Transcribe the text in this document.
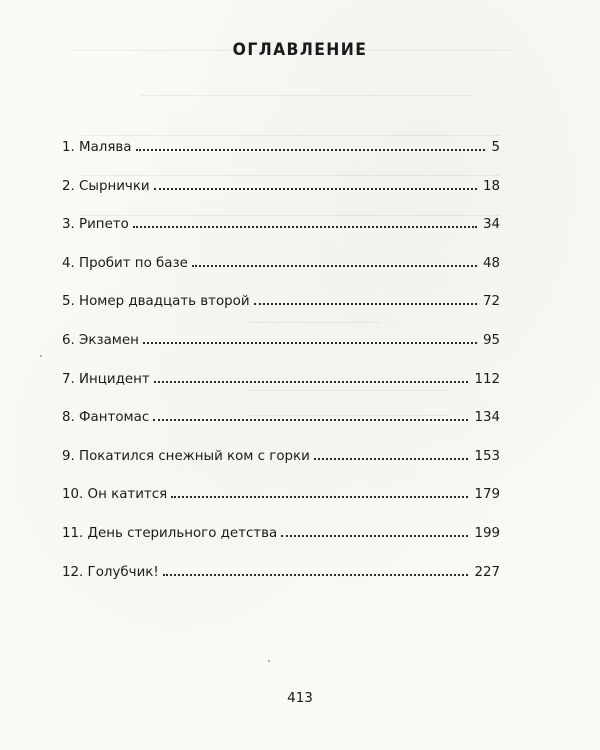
ОГЛАВЛЕНИЕ
1. Малява	5
2. Сырнички	18
3. Рипето	34
4. Пробит по базе	48
5. Номер двадцать второй	72
6. Экзамен	95
7. Инцидент	112
8. Фантомас	134
9. Покатился снежный ком с горки	153
10. Он катится	179
11. День стерильного детства	199
12. Голубчик!	227
413
